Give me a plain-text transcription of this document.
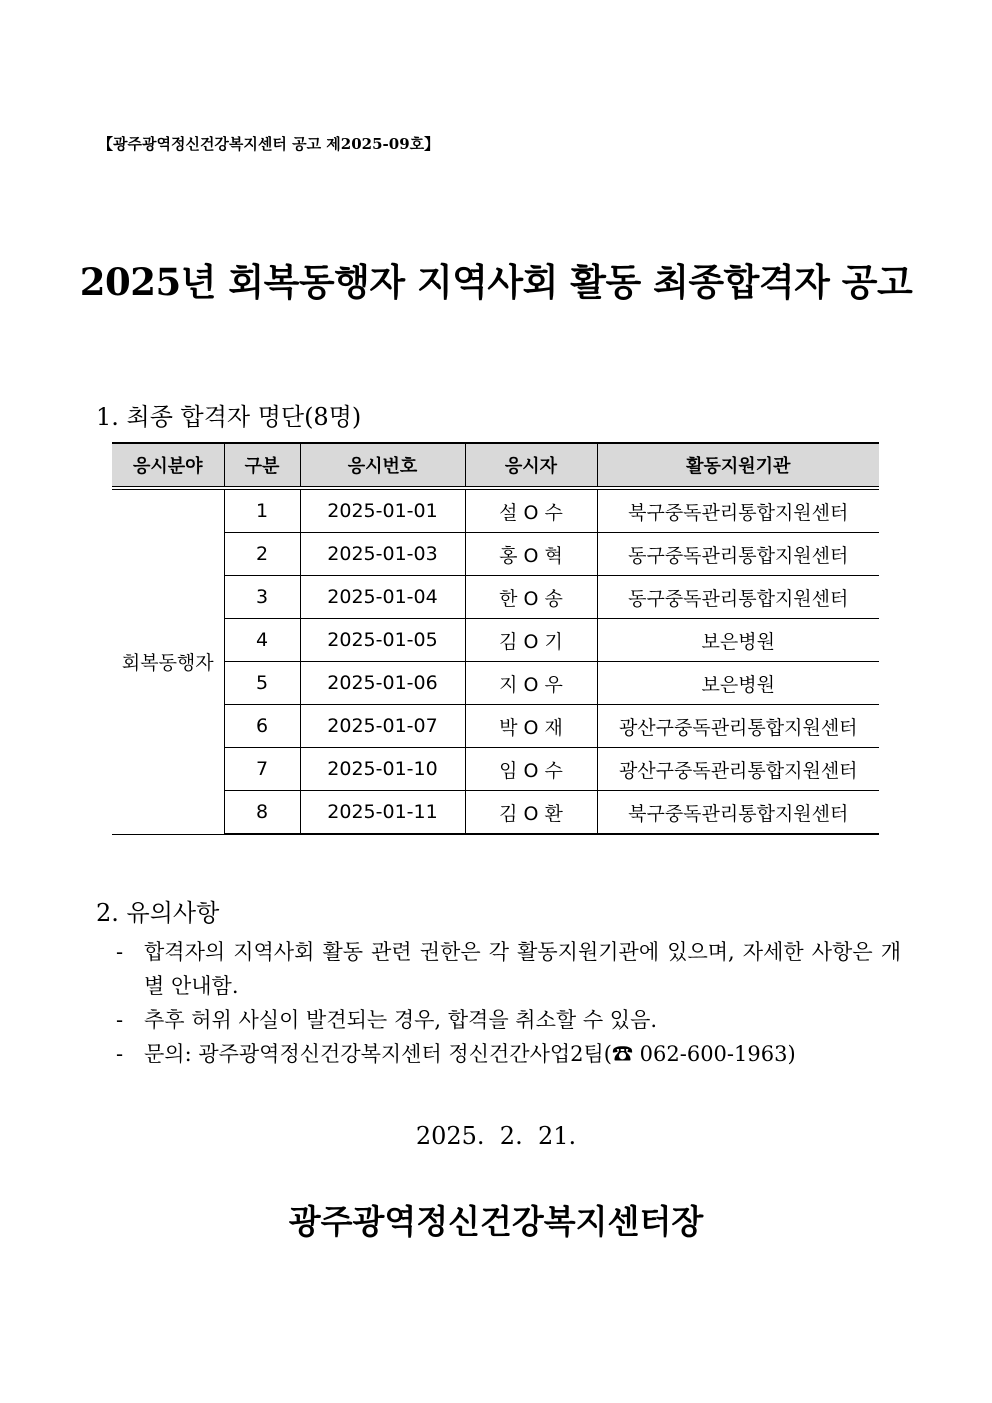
【광주광역정신건강복지센터 공고 제2025-09호】
2025년 회복동행자 지역사회 활동 최종합격자 공고
1. 최종 합격자 명단(8명)
응시분야	구분	응시번호	응시자	활동지원기관
회복동행자	1	2025-01-01	설 O 수	북구중독관리통합지원센터
	2	2025-01-03	홍 O 혁	동구중독관리통합지원센터
	3	2025-01-04	한 O 송	동구중독관리통합지원센터
	4	2025-01-05	김 O 기	보은병원
	5	2025-01-06	지 O 우	보은병원
	6	2025-01-07	박 O 재	광산구중독관리통합지원센터
	7	2025-01-10	임 O 수	광산구중독관리통합지원센터
	8	2025-01-11	김 O 환	북구중독관리통합지원센터
2. 유의사항
- 합격자의 지역사회 활동 관련 권한은 각 활동지원기관에 있으며, 자세한 사항은 개별 안내함.
- 추후 허위 사실이 발견되는 경우, 합격을 취소할 수 있음.
- 문의: 광주광역정신건강복지센터 정신건간사업2팀(☎ 062-600-1963)
2025.  2.  21.
광주광역정신건강복지센터장
